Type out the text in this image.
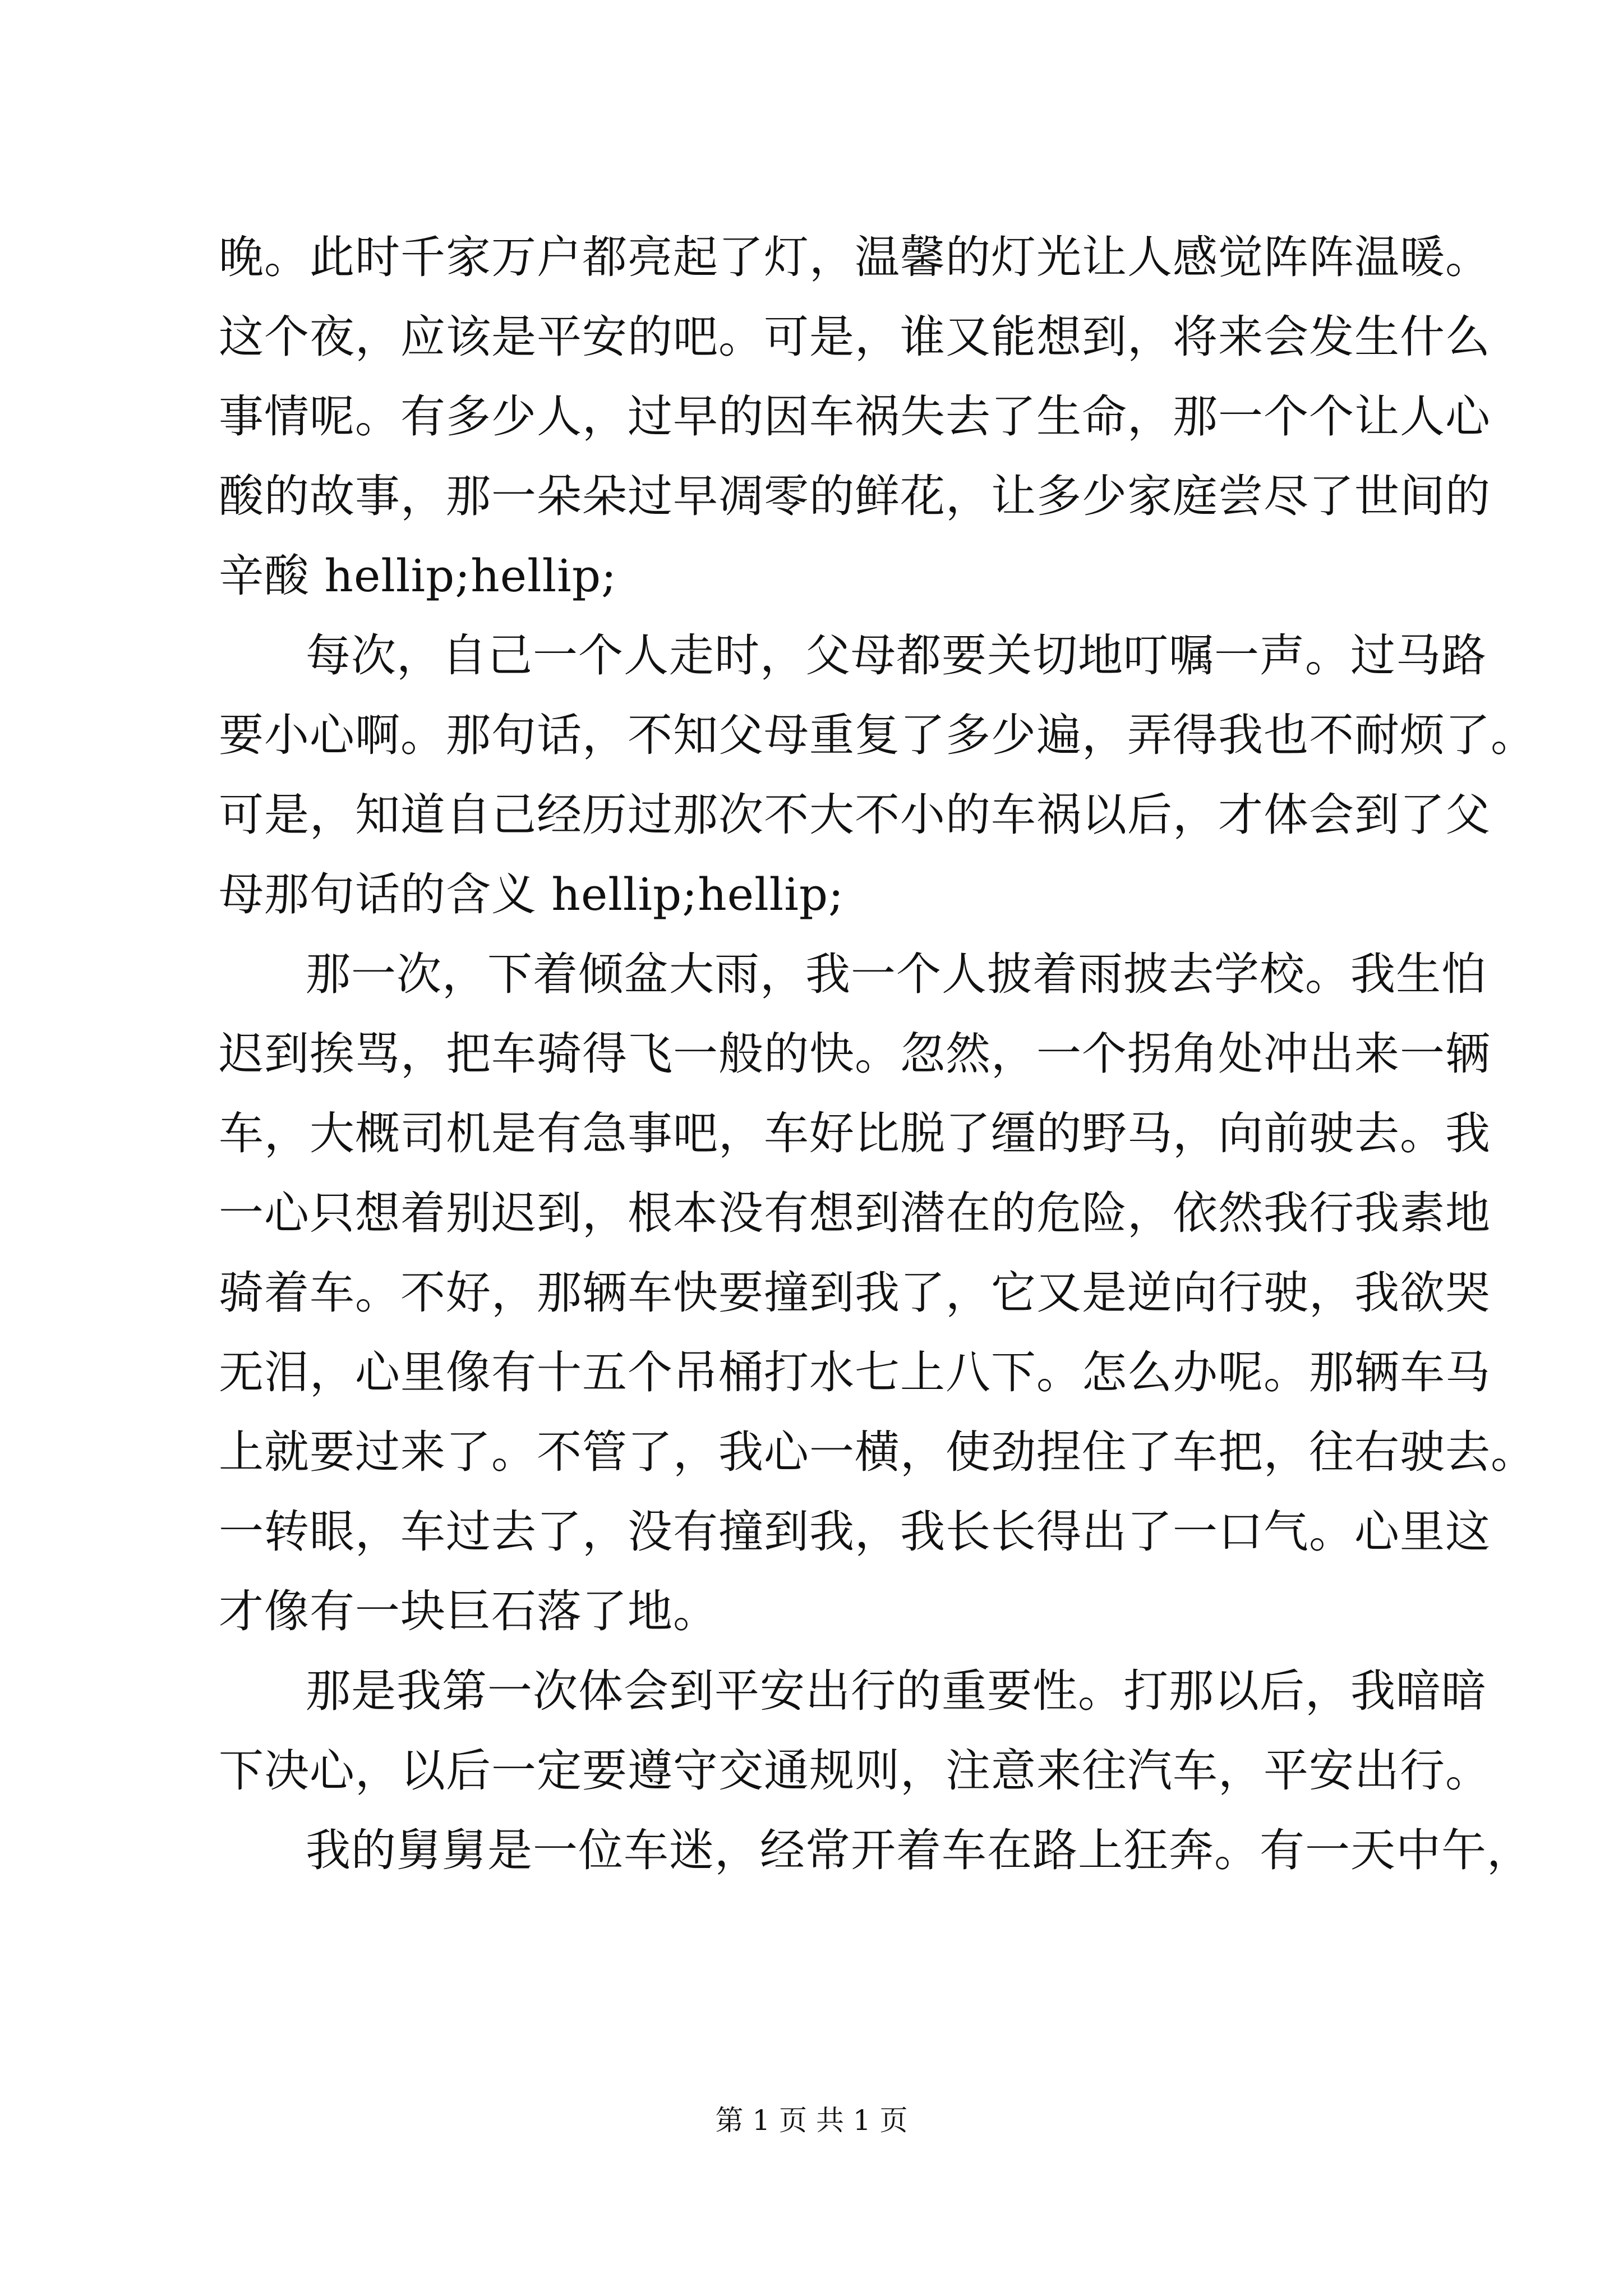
晚。此时千家万户都亮起了灯，温馨的灯光让人感觉阵阵温暖。
这个夜，应该是平安的吧。可是，谁又能想到，将来会发生什么
事情呢。有多少人，过早的因车祸失去了生命，那一个个让人心
酸的故事，那一朵朵过早凋零的鲜花，让多少家庭尝尽了世间的
辛酸 hellip;hellip;
每次，自己一个人走时，父母都要关切地叮嘱一声。过马路
要小心啊。那句话，不知父母重复了多少遍，弄得我也不耐烦了。
可是，知道自己经历过那次不大不小的车祸以后，才体会到了父
母那句话的含义 hellip;hellip;
那一次，下着倾盆大雨，我一个人披着雨披去学校。我生怕
迟到挨骂，把车骑得飞一般的快。忽然，一个拐角处冲出来一辆
车，大概司机是有急事吧，车好比脱了缰的野马，向前驶去。我
一心只想着别迟到，根本没有想到潜在的危险，依然我行我素地
骑着车。不好，那辆车快要撞到我了，它又是逆向行驶，我欲哭
无泪，心里像有十五个吊桶打水七上八下。怎么办呢。那辆车马
上就要过来了。不管了，我心一横，使劲捏住了车把，往右驶去。
一转眼，车过去了，没有撞到我，我长长得出了一口气。心里这
才像有一块巨石落了地。
那是我第一次体会到平安出行的重要性。打那以后，我暗暗
下决心，以后一定要遵守交通规则，注意来往汽车，平安出行。
我的舅舅是一位车迷，经常开着车在路上狂奔。有一天中午，
第 1 页 共 1 页
